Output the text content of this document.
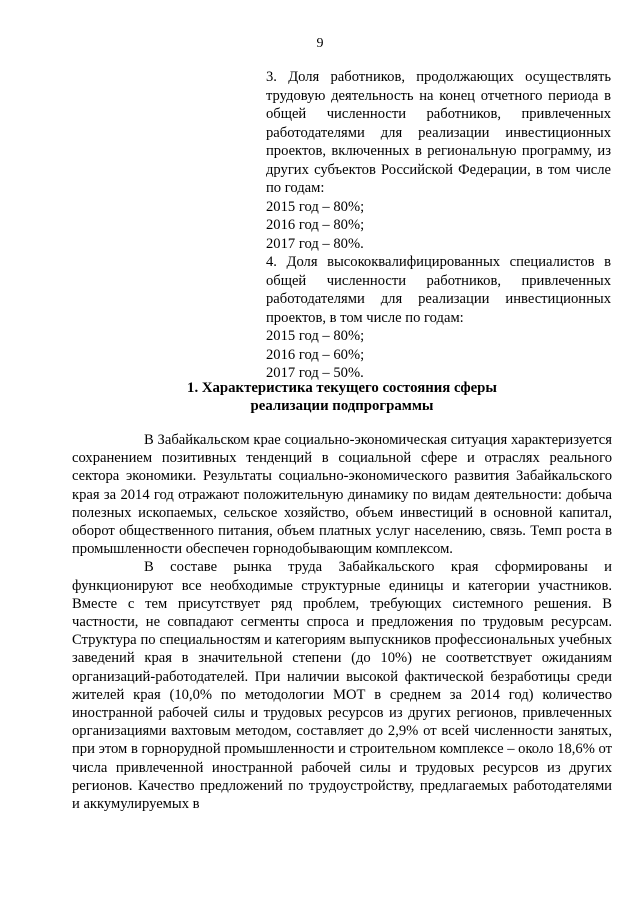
9

3. Доля работников, продолжающих осуществлять трудовую деятельность на конец отчетного периода в общей численности работников, привлеченных работодателями для реализации инвестиционных проектов, включенных в региональную программу, из других субъектов Российской Федерации, в том числе по годам:

2015 год – 80%;

2016 год – 80%;

2017 год – 80%.

4. Доля высококвалифицированных специалистов в общей численности работников, привлеченных работодателями для реализации инвестиционных проектов, в том числе по годам:

2015 год – 80%;

2016 год – 60%;

2017 год – 50%.

1. Характеристика текущего состояния сферы
реализации подпрограммы

В Забайкальском крае социально-экономическая ситуация характеризуется сохранением позитивных тенденций в социальной сфере и отраслях реального сектора экономики. Результаты социально-экономического развития Забайкальского края за 2014 год отражают положительную динамику по видам деятельности: добыча полезных ископаемых, сельское хозяйство, объем инвестиций в основной капитал, оборот общественного питания, объем платных услуг населению, связь. Темп роста в промышленности обеспечен горнодобывающим комплексом.

В составе рынка труда Забайкальского края сформированы и функционируют все необходимые структурные единицы и категории участников. Вместе с тем присутствует ряд проблем, требующих системного решения. В частности, не совпадают сегменты спроса и предложения по трудовым ресурсам. Структура по специальностям и категориям выпускников профессиональных учебных заведений края в значительной степени (до 10%) не соответствует ожиданиям организаций-работодателей. При наличии высокой фактической безработицы среди жителей края (10,0% по методологии МОТ в среднем за 2014 год) количество иностранной рабочей силы и трудовых ресурсов из других регионов, привлеченных организациями вахтовым методом, составляет до 2,9% от всей численности занятых, при этом в горнорудной промышленности и строительном комплексе – около 18,6% от числа привлеченной иностранной рабочей силы и трудовых ресурсов из других регионов. Качество предложений по трудоустройству, предлагаемых работодателями и аккумулируемых в
